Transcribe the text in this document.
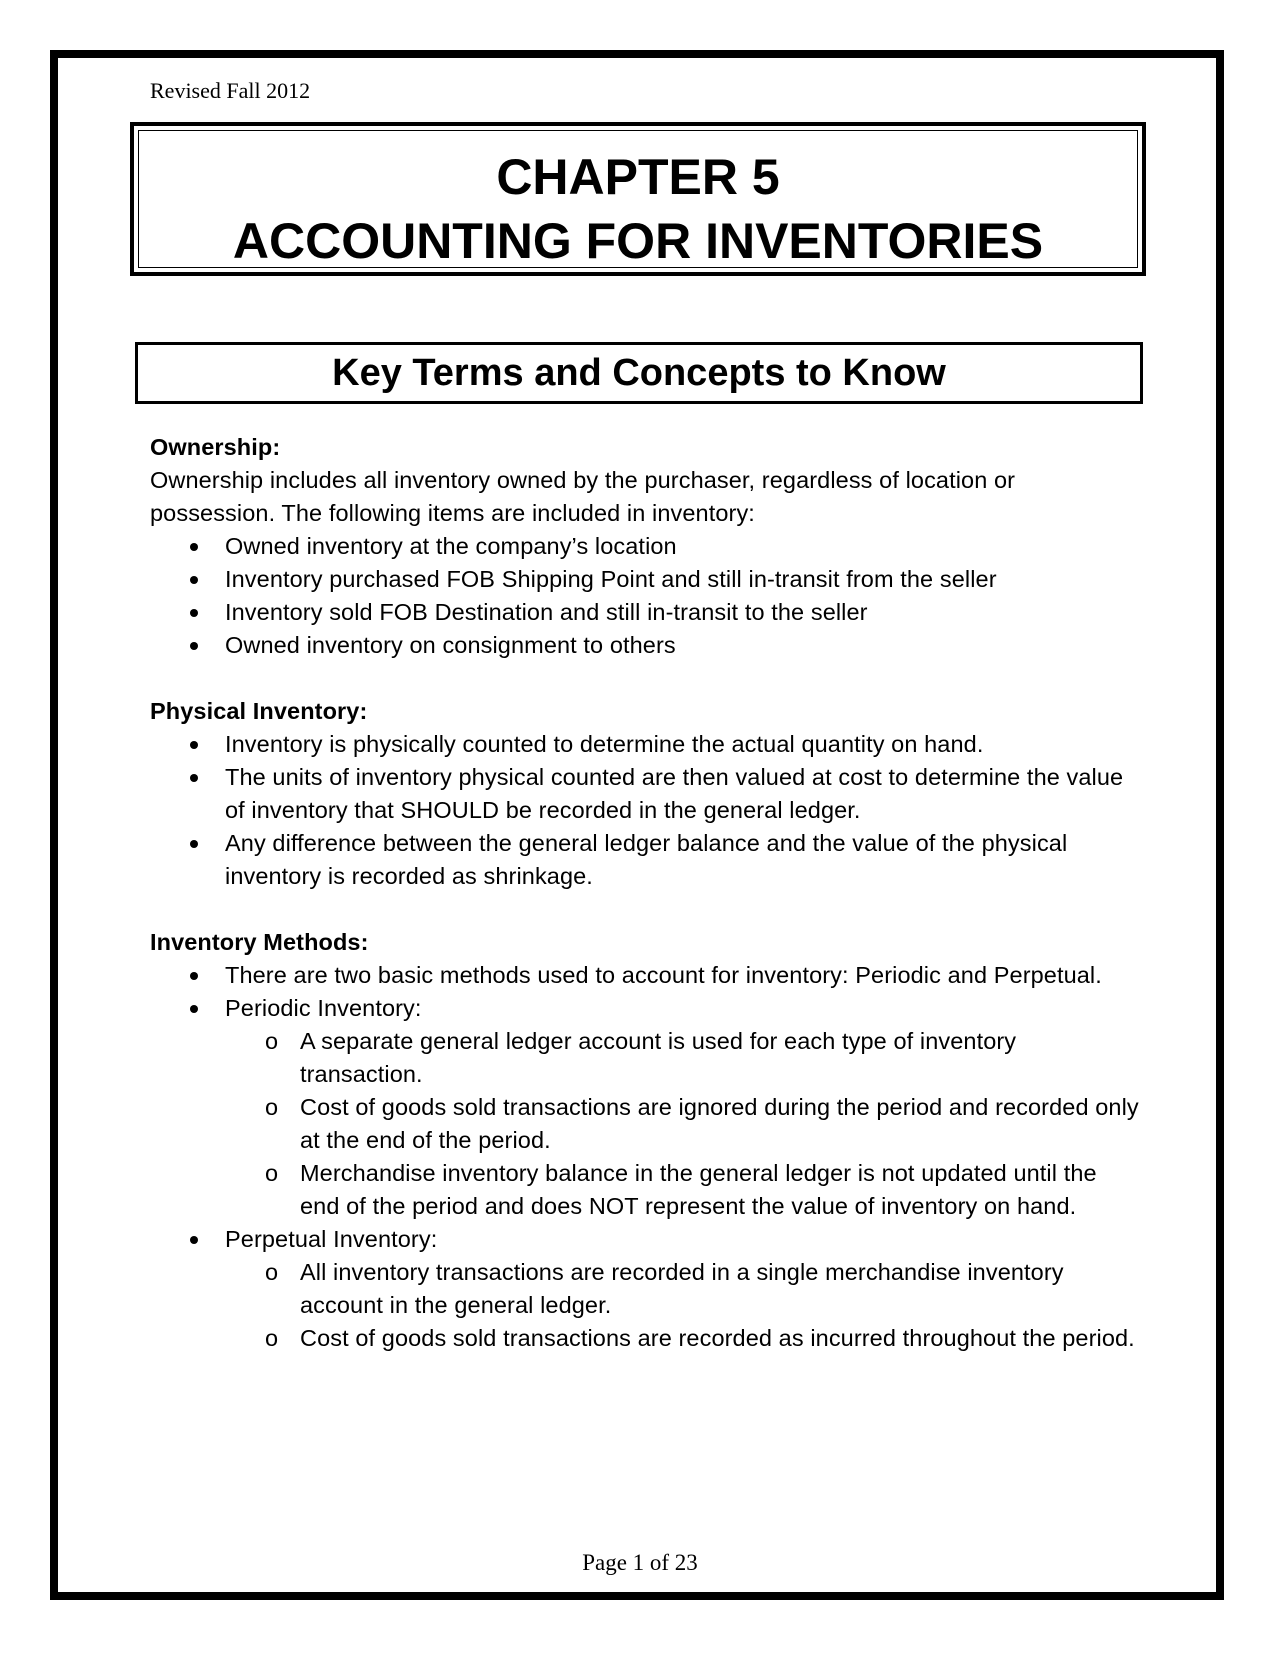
Revised Fall 2012
CHAPTER 5
ACCOUNTING FOR INVENTORIES
Key Terms and Concepts to Know
Ownership:
Ownership includes all inventory owned by the purchaser, regardless of location or possession. The following items are included in inventory:
Owned inventory at the company’s location
Inventory purchased FOB Shipping Point and still in-transit from the seller
Inventory sold FOB Destination and still in-transit to the seller
Owned inventory on consignment to others
Physical Inventory:
Inventory is physically counted to determine the actual quantity on hand.
The units of inventory physical counted are then valued at cost to determine the value of inventory that SHOULD be recorded in the general ledger.
Any difference between the general ledger balance and the value of the physical inventory is recorded as shrinkage.
Inventory Methods:
There are two basic methods used to account for inventory: Periodic and Perpetual.
Periodic Inventory:
o A separate general ledger account is used for each type of inventory transaction.
o Cost of goods sold transactions are ignored during the period and recorded only at the end of the period.
o Merchandise inventory balance in the general ledger is not updated until the end of the period and does NOT represent the value of inventory on hand.
Perpetual Inventory:
o All inventory transactions are recorded in a single merchandise inventory account in the general ledger.
o Cost of goods sold transactions are recorded as incurred throughout the period.
Page 1 of 23
